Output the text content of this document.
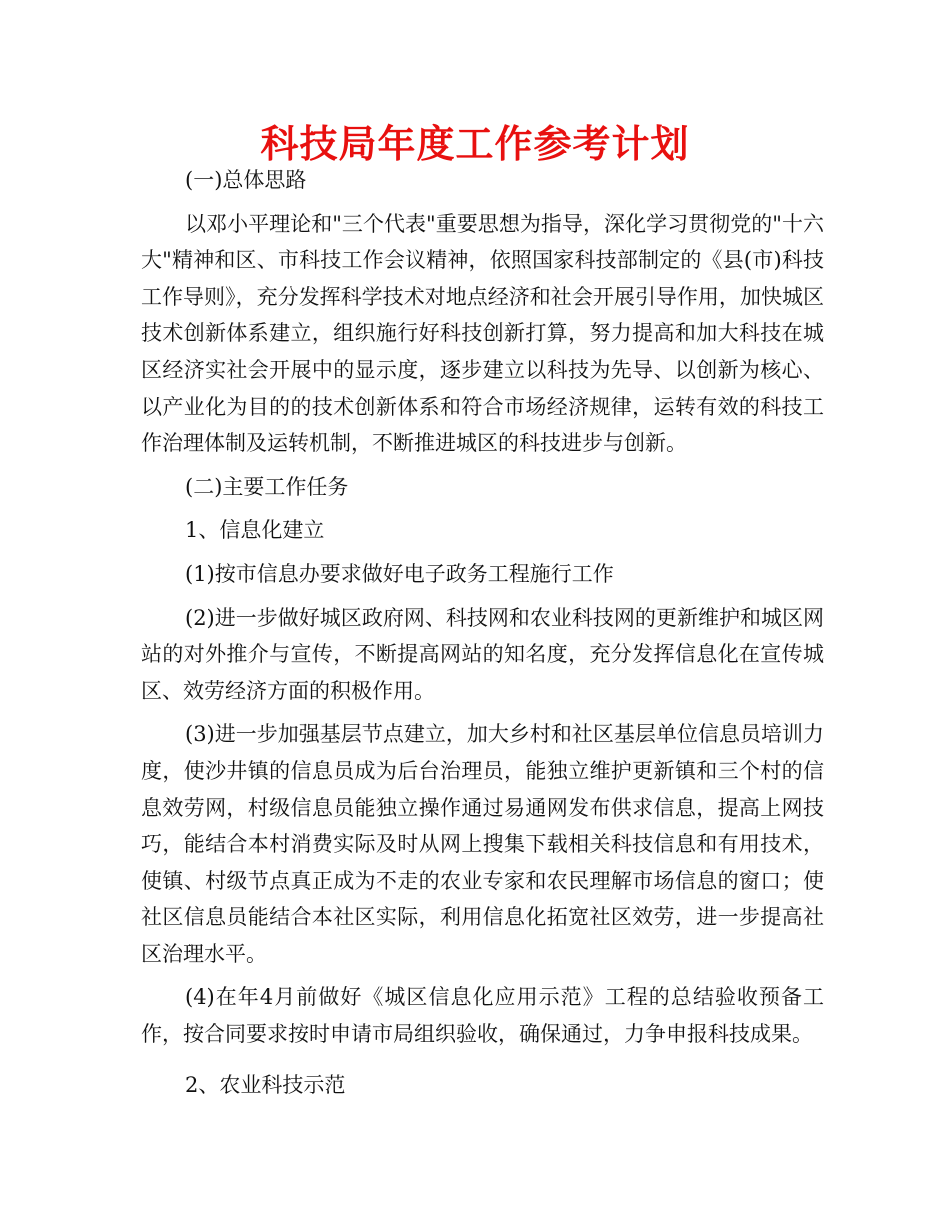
科技局年度工作参考计划

(一)总体思路

以邓小平理论和"三个代表"重要思想为指导，深化学习贯彻党的"十六大"精神和区、市科技工作会议精神，依照国家科技部制定的《县(市)科技工作导则》，充分发挥科学技术对地点经济和社会开展引导作用，加快城区技术创新体系建立，组织施行好科技创新打算，努力提高和加大科技在城区经济实社会开展中的显示度，逐步建立以科技为先导、以创新为核心、以产业化为目的的技术创新体系和符合市场经济规律，运转有效的科技工作治理体制及运转机制，不断推进城区的科技进步与创新。

(二)主要工作任务

1、信息化建立

(1)按市信息办要求做好电子政务工程施行工作

(2)进一步做好城区政府网、科技网和农业科技网的更新维护和城区网站的对外推介与宣传，不断提高网站的知名度，充分发挥信息化在宣传城区、效劳经济方面的积极作用。

(3)进一步加强基层节点建立，加大乡村和社区基层单位信息员培训力度，使沙井镇的信息员成为后台治理员，能独立维护更新镇和三个村的信息效劳网，村级信息员能独立操作通过易通网发布供求信息，提高上网技巧，能结合本村消费实际及时从网上搜集下载相关科技信息和有用技术，使镇、村级节点真正成为不走的农业专家和农民理解市场信息的窗口；使社区信息员能结合本社区实际，利用信息化拓宽社区效劳，进一步提高社区治理水平。

(4)在年4月前做好《城区信息化应用示范》工程的总结验收预备工作，按合同要求按时申请市局组织验收，确保通过，力争申报科技成果。

2、农业科技示范
